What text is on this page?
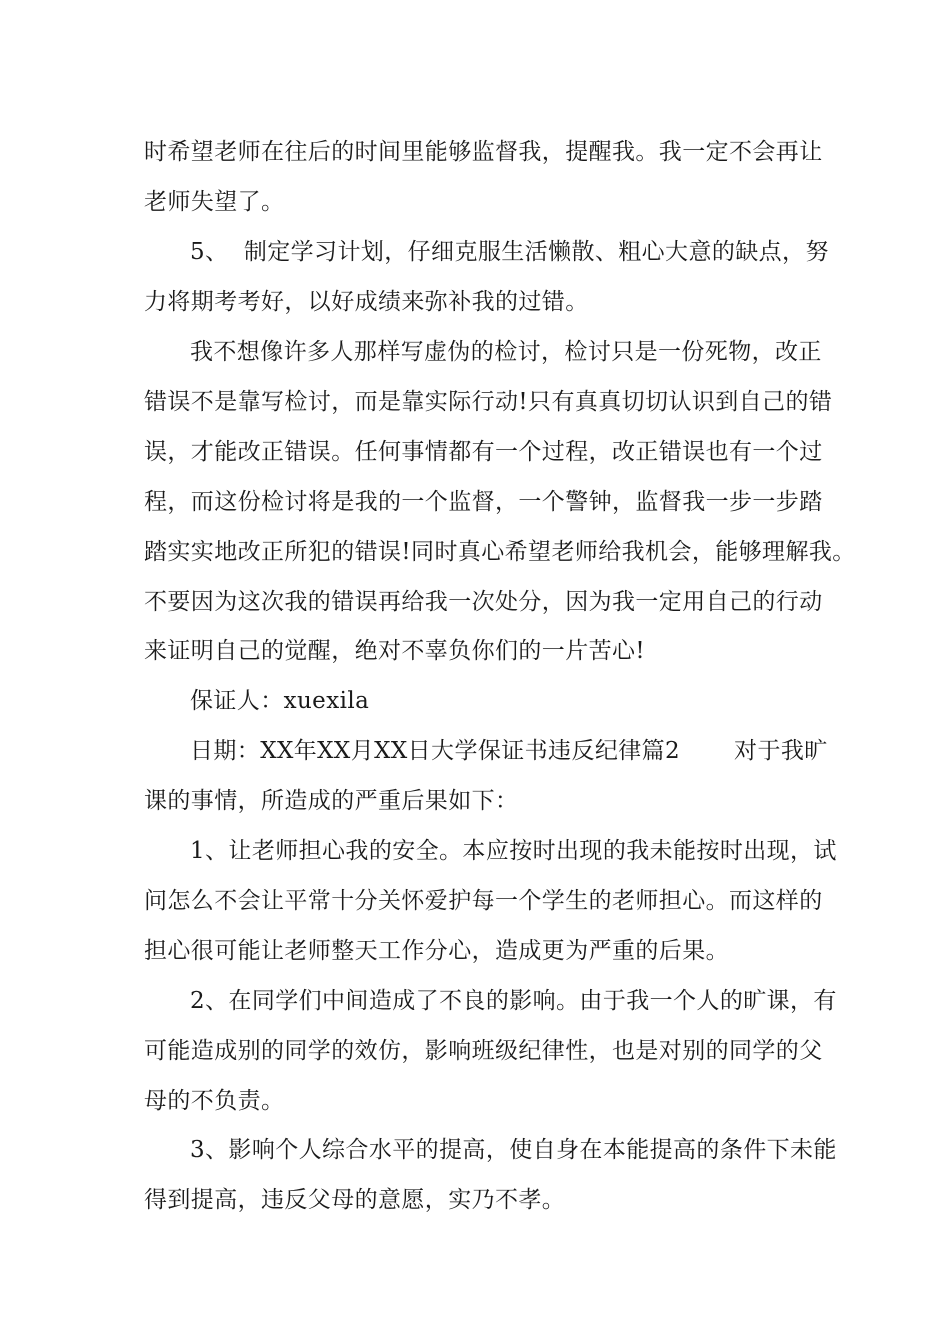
时希望老师在往后的时间里能够监督我，提醒我。我一定不会再让
老师失望了。
5、  制定学习计划，仔细克服生活懒散、粗心大意的缺点，努
力将期考考好，以好成绩来弥补我的过错。
我不想像许多人那样写虚伪的检讨，检讨只是一份死物，改正
错误不是靠写检讨，而是靠实际行动!只有真真切切认识到自己的错
误，才能改正错误。任何事情都有一个过程，改正错误也有一个过
程，而这份检讨将是我的一个监督，一个警钟，监督我一步一步踏
踏实实地改正所犯的错误!同时真心希望老师给我机会，能够理解我。
不要因为这次我的错误再给我一次处分，因为我一定用自己的行动
来证明自己的觉醒，绝对不辜负你们的一片苦心!
保证人：xuexila
日期：XX年XX月XX日大学保证书违反纪律篇2       对于我旷
课的事情，所造成的严重后果如下：
1、让老师担心我的安全。本应按时出现的我未能按时出现，试
问怎么不会让平常十分关怀爱护每一个学生的老师担心。而这样的
担心很可能让老师整天工作分心，造成更为严重的后果。
2、在同学们中间造成了不良的影响。由于我一个人的旷课，有
可能造成别的同学的效仿，影响班级纪律性，也是对别的同学的父
母的不负责。
3、影响个人综合水平的提高，使自身在本能提高的条件下未能
得到提高，违反父母的意愿，实乃不孝。
